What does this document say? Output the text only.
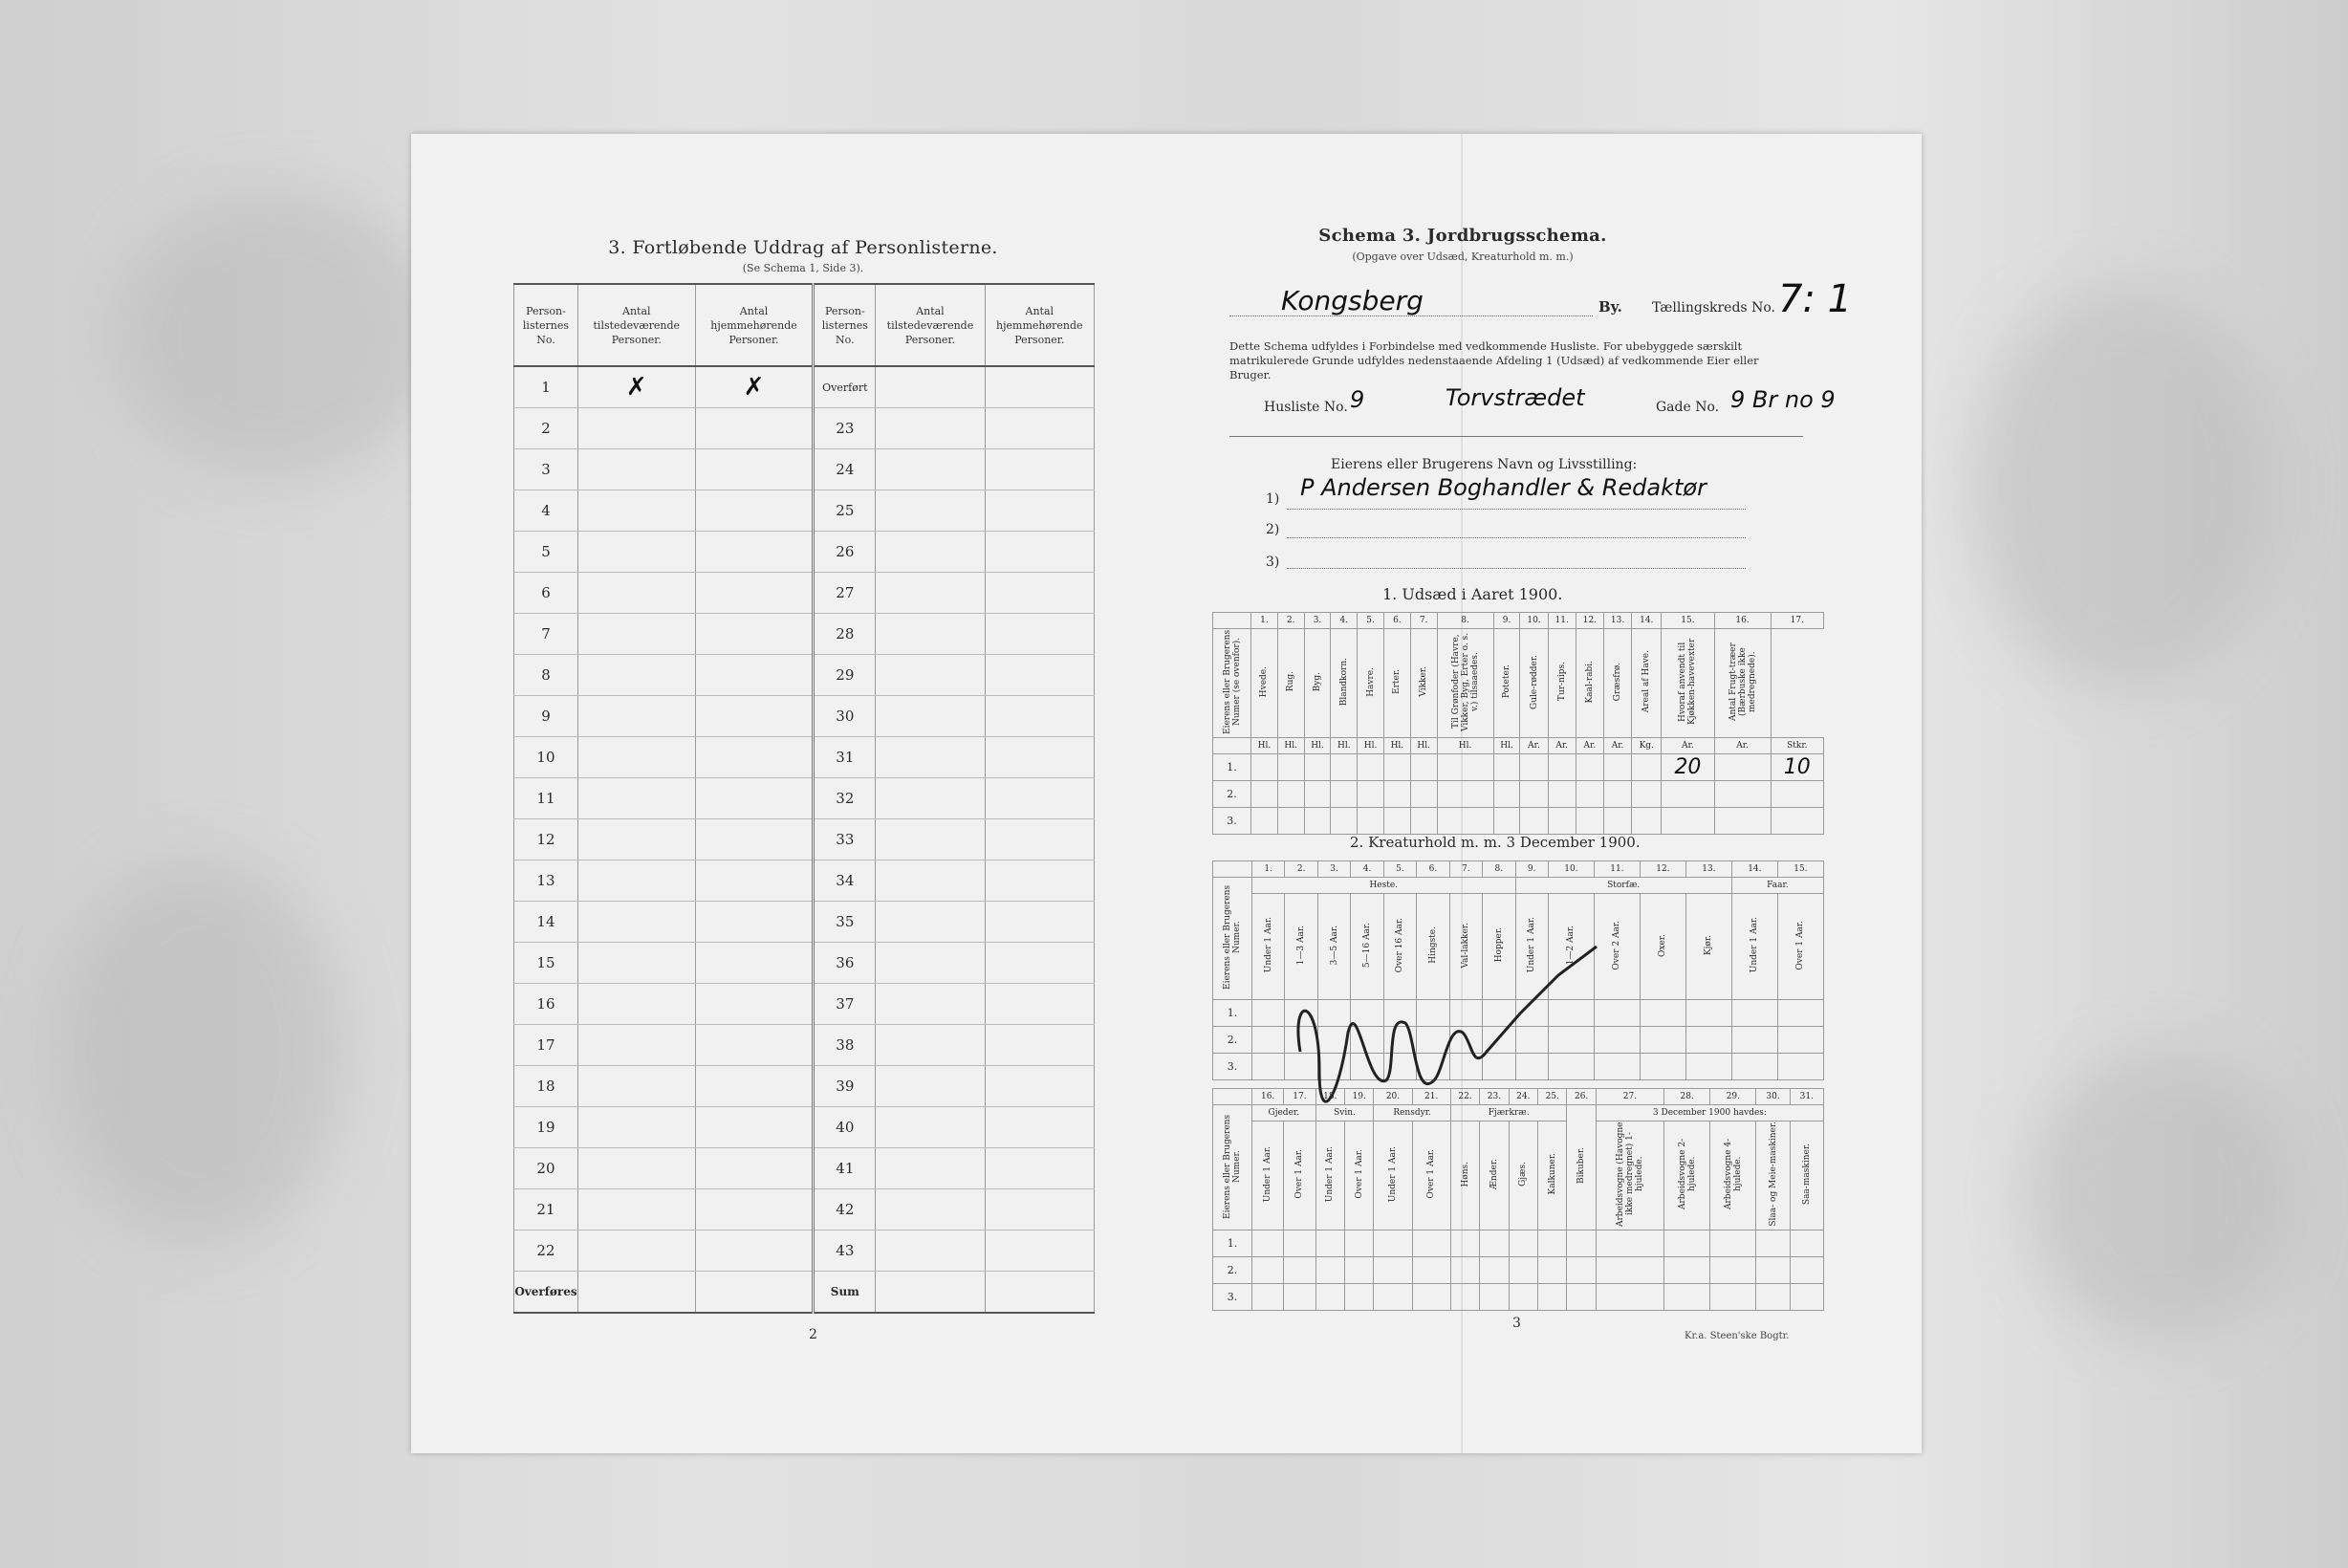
3. Fortløbende Uddrag af Personlisterne.
(Se Schema 1, Side 3).
Person-
listernes
No.	Antal
tilstedeværende
Personer.	Antal
hjemmehørende
Personer.	Person-
listernes
No.	Antal
tilstedeværende
Personer.	Antal
hjemmehørende
Personer.
1	✗	✗	Overført		
2			23		
3			24		
4			25		
5			26		
6			27		
7			28		
8			29		
9			30		
10			31		
11			32		
12			33		
13			34		
14			35		
15			36		
16			37		
17			38		
18			39		
19			40		
20			41		
21			42		
22			43		
Overføres			Sum		
2
Schema 3. Jordbrugsschema.
(Opgave over Udsæd, Kreaturhold m. m.)
Kongsberg	By. Tællingskreds No. 7: 1
Dette Schema udfyldes i Forbindelse med vedkommende Husliste. For ubebyggede særskilt matrikulerede Grunde udfyldes nedenstaaende Afdeling 1 (Udsæd) af vedkommende Eier eller Bruger.
Husliste No. 9	Torvstrædet	Gade No. 9 Br no 9
Eierens eller Brugerens Navn og Livsstilling:
1) P Andersen Boghandler & Redaktør
2)
3)
1. Udsæd i Aaret 1900.
	1.	2.	3.	4.	5.	6.	7.	8.	9.	10.	11.	12.	13.	14.	15.	16.	17.
Eierens eller Brugerens Numer (se ovenfor).	Hvede.	Rug.	Byg.	Blandkorn.	Havre.	Erter.	Vikker.	Til Grønfoder (Havre, Vikker, Byg, Erter o. s. v.) tilsaaedes.	Poteter.	Gule-rødder.	Tur-nips.	Kaal-rabi.	Græsfrø.	Areal af Have.	Hvoraf anvendt til Kjøkken-havevexter	Antal Frugt-træer (Bærbuske ikke medregnede).	
	Hl.	Hl.	Hl.	Hl.	Hl.	Hl.	Hl.	Hl.	Hl.	Ar.	Ar.	Ar.	Ar.	Kg.	Ar.	Ar.	Stkr.
1.															20		10
2.																	
3.																	
2. Kreaturhold m. m. 3 December 1900.
	1.	2.	3.	4.	5.	6.	7.	8.	9.	10.	11.	12.	13.	14.	15.
Eierens eller Brugerens Numer.	Heste.								Storfæ.					Faar.	
	Under 1 Aar.	1—3 Aar.	3—5 Aar.	5—16 Aar.	Over 16 Aar.	Hingste.	Val-lakker.	Hopper.	Under 1 Aar.	1—2 Aar.	Over 2 Aar.	Oxer.	Kjør.	Under 1 Aar.	Over 1 Aar.
1.															
2.															
3.															
	16.	17.	18.	19.	20.	21.	22.	23.	24.	25.	26.	27.	28.	29.	30.	31.
Eierens eller Brugerens Numer.	Gjeder.		Svin.		Rensdyr.		Fjærkræ.				Bikuber.	3 December 1900 havdes:				
	Under 1 Aar.	Over 1 Aar.	Under 1 Aar.	Over 1 Aar.	Under 1 Aar.	Over 1 Aar.	Høns.	Ænder.	Gjæs.	Kalkuner.		Arbeidsvogne (Havogne ikke medregnet) 1-hjulede.	Arbeidsvogne 2-hjulede.	Arbeidsvogne 4-hjulede.	Slaa- og Meie-maskiner.	Saa-maskiner.
1.																
2.																
3.																
3
Kr.a. Steen'ske Bogtr.
